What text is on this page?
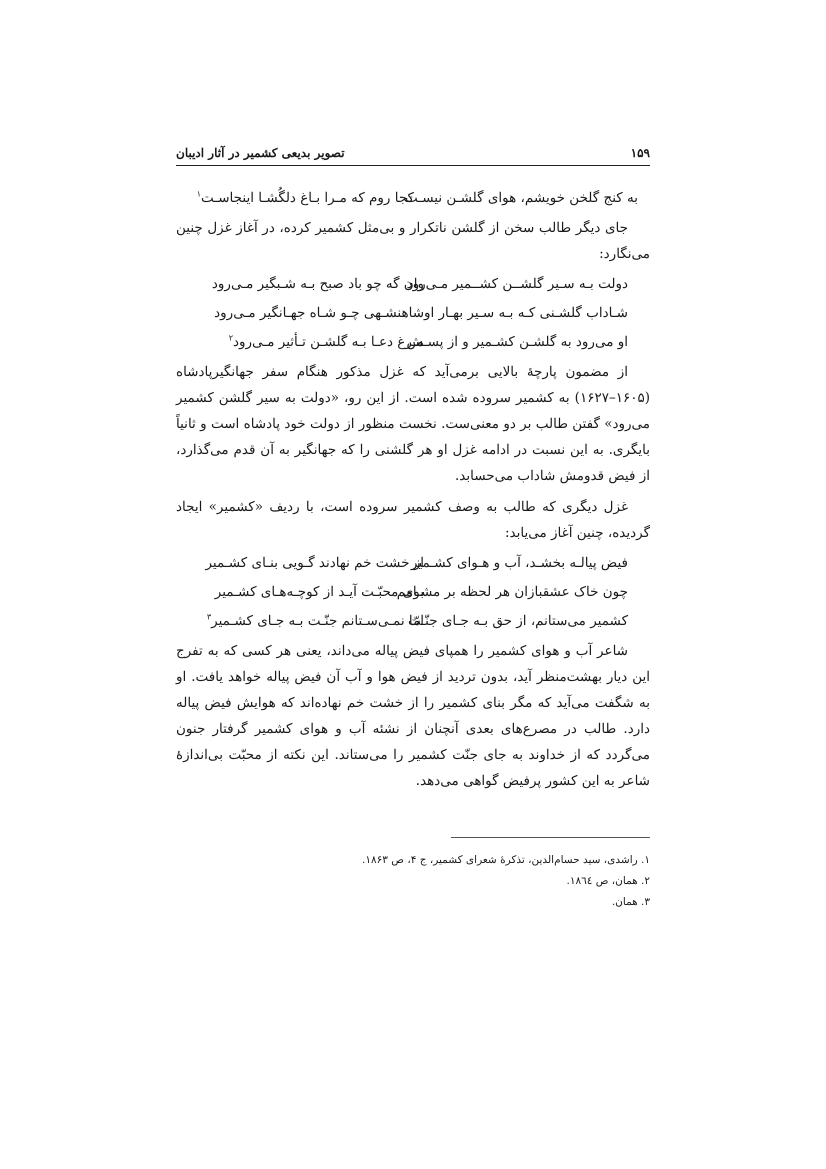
۱۵۹
تصویر بدیعی کشمیر در آثار ادیبان
به کنج گلخن خویشم، هوای گلشـن نیسـت
کجا روم که مـرا بـاغ دلگُشـا اینجاسـت$^۱$

جای دیگر طالب سخن از گلشن ناتکرار و بی‌مثل کشمیر کرده، در آغاز غزل چنین می‌نگارد:

دولت بـه سـیر گلشــن کشــمیر مـی‌رود
وان گه چو باد صبح بـه شـبگیر مـی‌رود
شـاداب گلشـنی کـه بـه سـیر بهـار او
شاهنشـهی چـو شـاه جهـانگیر مـی‌رود
او می‌رود به گلشـن کشـمیر و از پسـش
مـرغ دعـا بـه گلشـن تـأثیر مـی‌رود$^۲$

از مضمون پارچهٔ بالایی برمی‌آید که غزل مذکور هنگام سفر جهانگیرپادشاه (۱۶۰۵–۱۶۲۷) به کشمیر سروده شده است. از این رو، «دولت به سیر گلشن کشمیر می‌رود» گفتن طالب بر دو معنی‌ست. نخست منظور از دولت خود پادشاه است و ثانیاً بایگری. به این نسبت در ادامه غزل او هر گلشنی را که جهانگیر به آن قدم می‌گذارد، از فیض قدومش شاداب می‌حسابد.

غزل دیگری که طالب به وصف کشمیر سروده است، با ردیف «کشمیر» ایجاد گردیده، چنین آغاز می‌یابد:

فیض پیالـه بخشـد، آب و هـوای کشـمیر
از خشت خم نهادند گـویی بنـای کشـمیر
چون خاک عشقبازان هر لحظه بر مشـامم
بوی محبّـت آیـد از کوچـه‌هـای کشـمیر
کشمیر می‌ستانم، از حق بـه جـای جنّـت
امّا نمـی‌سـتانم جنّـت بـه جـای کشـمیر$^۳$

شاعر آب و هوای کشمیر را همپای فیض پیاله می‌داند، یعنی هر کسی که به تفرج این دیار بهشت‌منظر آید، بدون تردید از فیض هوا و آب آن فیض پیاله خواهد یافت. او به شگفت می‌آید که مگر بنای کشمیر را از خشت خم نهاده‌اند که هوایش فیض پیاله دارد. طالب در مصرع‌های بعدی آنچنان از نشئه آب و هوای کشمیر گرفتار جنون می‌گردد که از خداوند به جای جنّت کشمیر را می‌ستاند. این نکته از محبّت بی‌اندازهٔ شاعر به این کشور پرفیض گواهی می‌دهد.

۱. راشدی، سید حسام‌الدین، تذکرهٔ شعرای کشمیر، ج ۴، ص ۱۸۶۳.
۲. همان، ص ١٨٦٤.
۳. همان.
